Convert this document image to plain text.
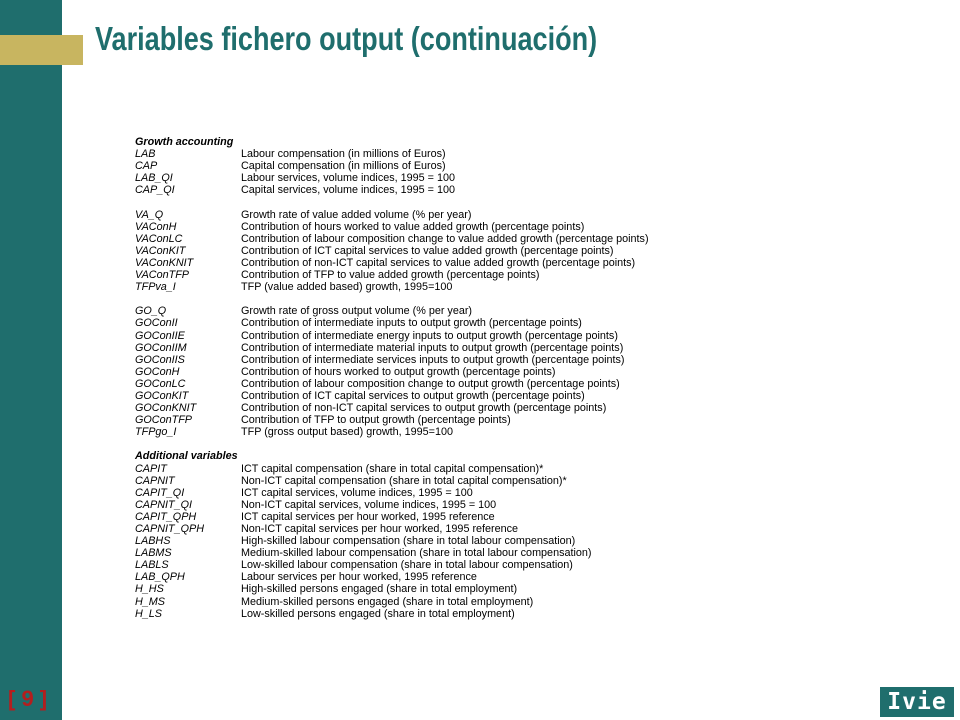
Variables fichero output (continuación)
Growth accounting
LAB	Labour compensation (in millions of Euros)
CAP	Capital compensation (in millions of Euros)
LAB_QI	Labour services, volume indices, 1995 = 100
CAP_QI	Capital services, volume indices, 1995 = 100
VA_Q	Growth rate of value added volume (% per year)
VAConH	Contribution of hours worked to value added growth (percentage points)
VAConLC	Contribution of labour composition change to value added growth (percentage points)
VAConKIT	Contribution of ICT capital services to value added growth (percentage points)
VAConKNIT	Contribution of non-ICT capital services to value added growth (percentage points)
VAConTFP	Contribution of TFP to value added growth (percentage points)
TFPva_I	TFP (value added based) growth, 1995=100
GO_Q	Growth rate of gross output volume (% per year)
GOConII	Contribution of intermediate inputs to output growth (percentage points)
GOConIIE	Contribution of intermediate energy inputs to output growth (percentage points)
GOConIIM	Contribution of intermediate material inputs to output growth (percentage points)
GOConIIS	Contribution of intermediate services inputs to output growth (percentage points)
GOConH	Contribution of hours worked to output growth (percentage points)
GOConLC	Contribution of labour composition change to output growth (percentage points)
GOConKIT	Contribution of ICT capital services to output growth (percentage points)
GOConKNIT	Contribution of non-ICT capital services to output growth (percentage points)
GOConTFP	Contribution of TFP to output growth (percentage points)
TFPgo_I	TFP (gross output based) growth, 1995=100
Additional variables
CAPIT	ICT capital compensation (share in total capital compensation)*
CAPNIT	Non-ICT capital compensation (share in total capital compensation)*
CAPIT_QI	ICT capital services, volume indices, 1995 = 100
CAPNIT_QI	Non-ICT capital services, volume indices, 1995 = 100
CAPIT_QPH	ICT capital services per hour worked, 1995 reference
CAPNIT_QPH	Non-ICT capital services per hour worked, 1995 reference
LABHS	High-skilled labour compensation (share in total labour compensation)
LABMS	Medium-skilled labour compensation (share in total labour compensation)
LABLS	Low-skilled labour compensation (share in total labour compensation)
LAB_QPH	Labour services per hour worked, 1995 reference
H_HS	High-skilled persons engaged (share in total employment)
H_MS	Medium-skilled persons engaged (share in total employment)
H_LS	Low-skilled persons engaged (share in total employment)
[ 9 ]	Ivie
